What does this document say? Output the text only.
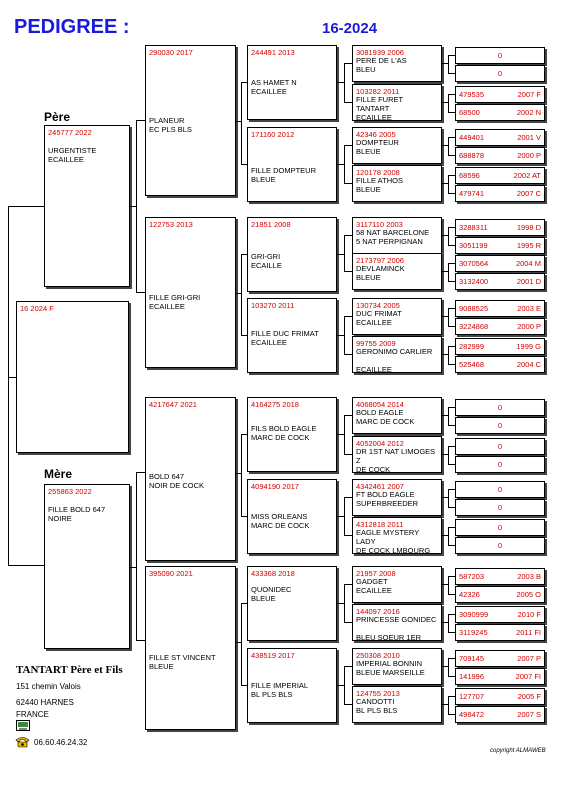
PEDIGREE :	16-2024
16 2024 F
245777 2022
URGENTISTE
ECAILLEE
255863 2022
FILLE BOLD 647
NOIRE
290030 2017
PLANEUR
EC PLS BLS
122753 2013
FILLE GRI-GRI
ECAILLEE
4217647 2021
BOLD 647
NOIR DE COCK
395090 2021
FILLE ST VINCENT
BLEUE
244491 2013
AS HAMET N
ECAILLEE
171160 2012
FILLE DOMPTEUR
BLEUE
21851 2008
GRI-GRI
ECAILLE
103270 2011
FILLE DUC FRIMAT
ECAILLEE
4164275 2018
FILS BOLD EAGLE
MARC DE COCK
4094190 2017
MISS ORLEANS
MARC DE COCK
433368 2018
QUONIDEC
BLEUE
438519 2017
FILLE IMPERIAL
BL PLS BLS
3081939 2006
PERE DE L'AS
BLEU
103282 2011
FILLE FURET
TANTART
ECAILLEE
42346 2005
DOMPTEUR
BLEUE
120178 2008
FILLE ATHOS
BLEUE
3117110 2003
58 NAT BARCELONE
5 NAT PERPIGNAN
2173797 2006
DEVLAMINCK
BLEUE
130734 2005
DUC FRIMAT
ECAILLEE
99755 2009
GERONIMO CARLIER

ECAILLEE
4068054 2014
BOLD EAGLE
MARC DE COCK
4052004 2012
DR 1ST NAT LIMOGES
Z
DE COCK
4342461 2007
FT BOLD EAGLE
SUPERBREEDER
4312818 2011
EAGLE MYSTERY
LADY
DE COCK LMBOURG
21957 2008
GADGET
ECAILLEE
144097 2016
PRINCESSE GONIDEC

BLEU SOEUR 1ER
250308 2010
IMPERIAL BONNIN
BLEUE MARSEILLE
124755 2013
CANDOTTI
BL PLS BLS
0
0
479535	2007 F
68500	2002 N
449401	2001 V
688878	2000 P
68596	2002 AT
479741	2007 C
3288311	1998 D
3051199	1995 R
3070564	2004 M
3132400	2001 D
9088525	2003 E
3224868	2000 P
282999	1999 G
525468	2004 C
0
0
0
0
0
0
0
0
587203	2003 B
42326	2005 O
3090999	2010 F
3119245	2011 FI
709145	2007 P
141996	2007 FI
127707	2005 F
498472	2007 S
Père
Mère
TANTART Père et Fils
151 chemin Valois
62440 HARNES
FRANCE
06.60.46.24.32
copyright ALMAWEB
